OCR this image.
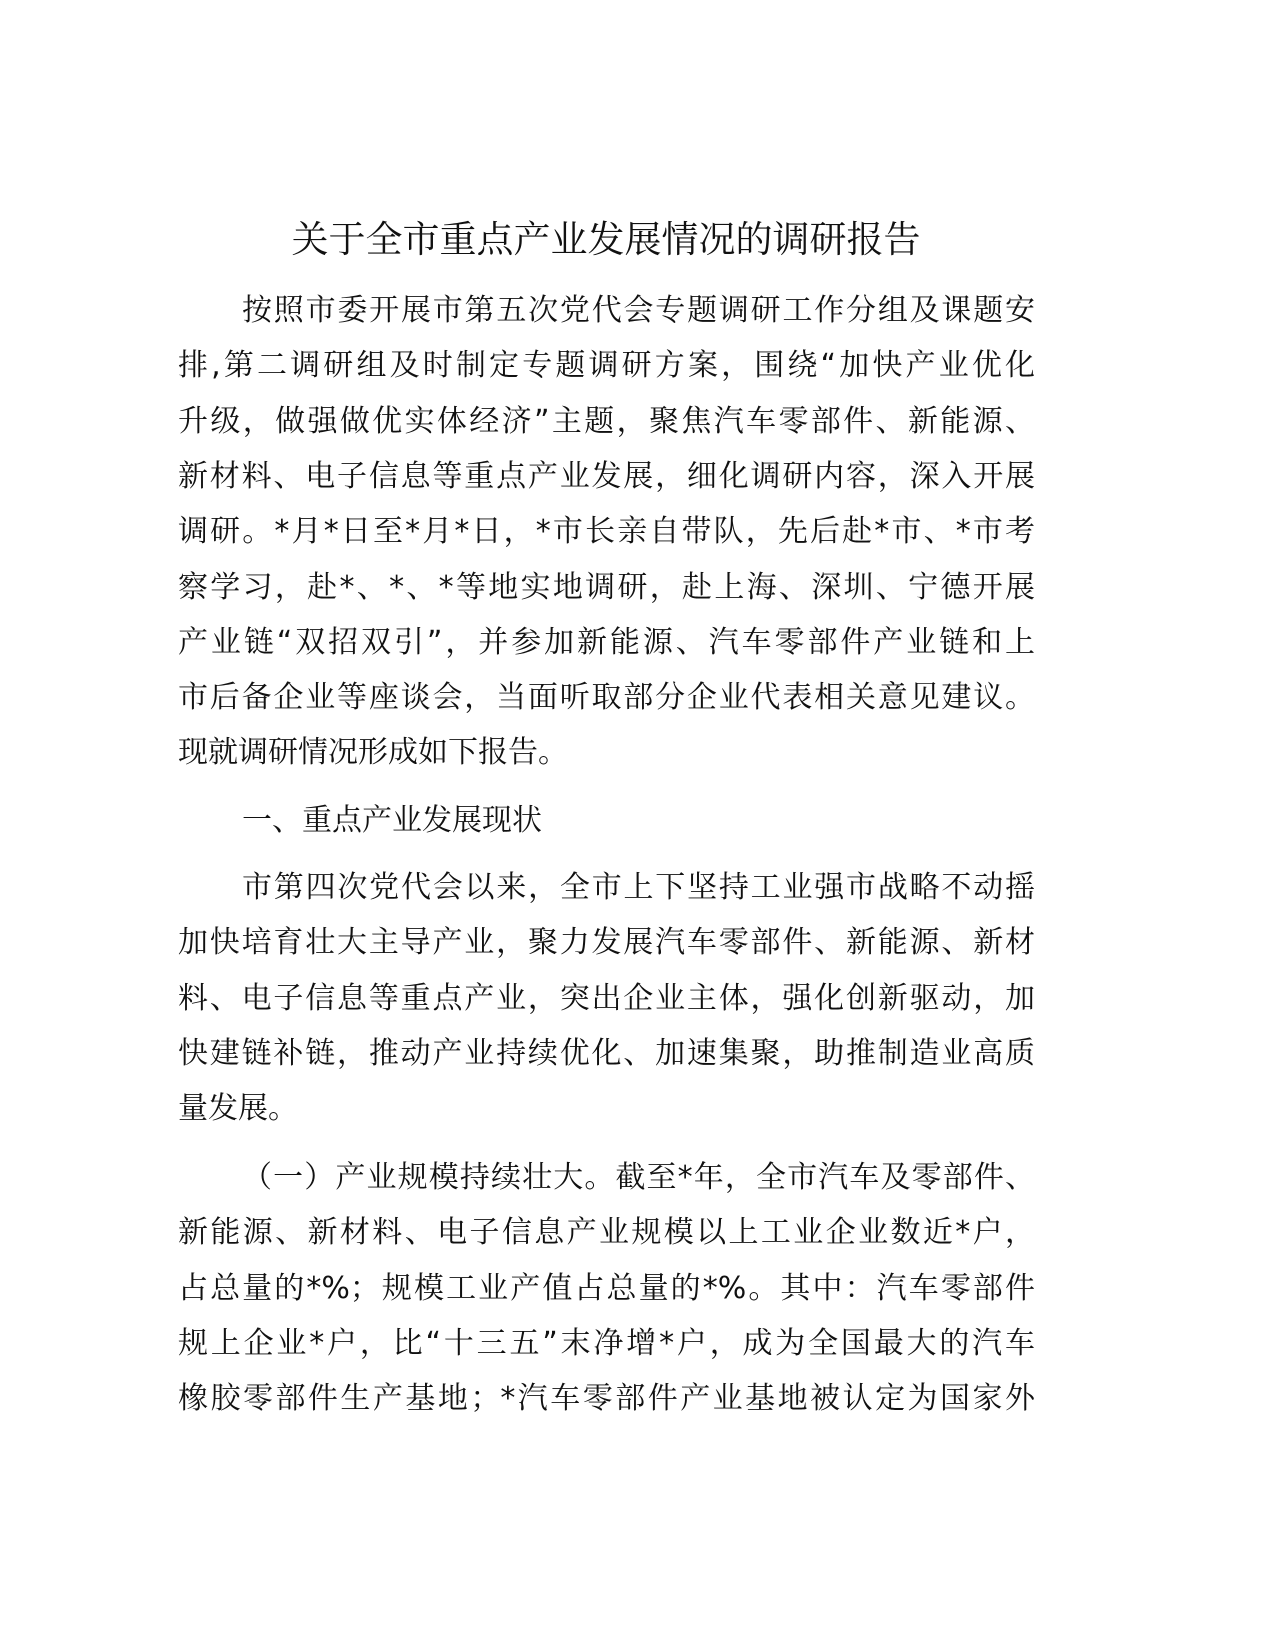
关于全市重点产业发展情况的调研报告
按照市委开展市第五次党代会专题调研工作分组及课题安
排,第二调研组及时制定专题调研方案，围绕“加快产业优化
升级，做强做优实体经济”主题，聚焦汽车零部件、新能源、
新材料、电子信息等重点产业发展，细化调研内容，深入开展
调研。*月*日至*月*日，*市长亲自带队，先后赴*市、*市考
察学习，赴*、*、*等地实地调研，赴上海、深圳、宁德开展
产业链“双招双引”，并参加新能源、汽车零部件产业链和上
市后备企业等座谈会，当面听取部分企业代表相关意见建议。
现就调研情况形成如下报告。
一、重点产业发展现状
市第四次党代会以来，全市上下坚持工业强市战略不动摇
加快培育壮大主导产业，聚力发展汽车零部件、新能源、新材
料、电子信息等重点产业，突出企业主体，强化创新驱动，加
快建链补链，推动产业持续优化、加速集聚，助推制造业高质
量发展。
（一）产业规模持续壮大。截至*年，全市汽车及零部件、
新能源、新材料、电子信息产业规模以上工业企业数近*户，
占总量的*%；规模工业产值占总量的*%。其中：汽车零部件
规上企业*户，比“十三五”末净增*户，成为全国最大的汽车
橡胶零部件生产基地；*汽车零部件产业基地被认定为国家外
